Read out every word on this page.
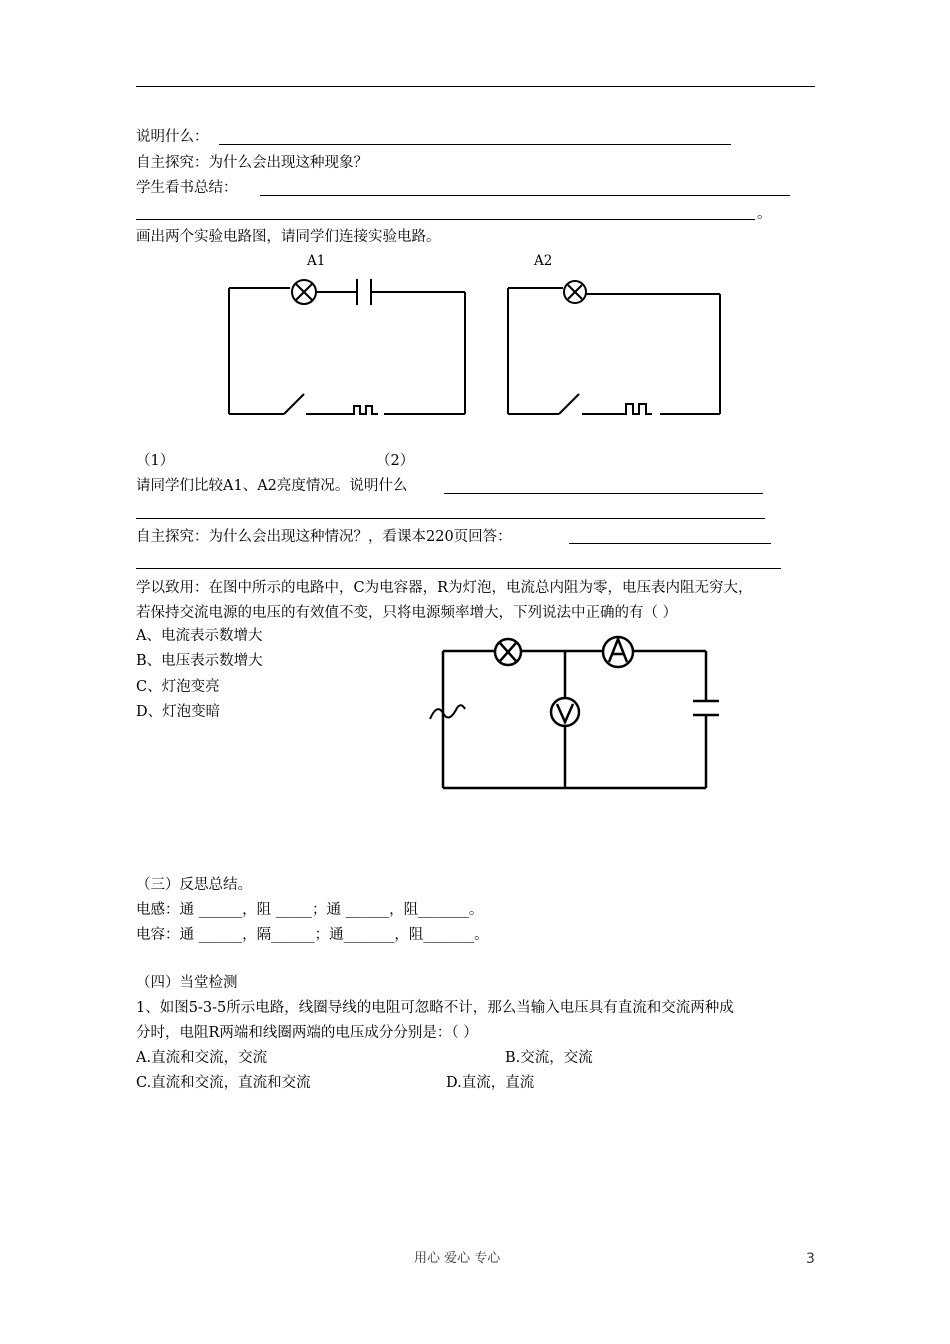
说明什么：
自主探究：为什么会出现这种现象？
学生看书总结：
。
画出两个实验电路图，请同学们连接实验电路。
A1	A2
（1）	（2）
请同学们比较A1、A2亮度情况。说明什么
自主探究：为什么会出现这种情况？，看课本220页回答：
学以致用：在图中所示的电路中，C为电容器，R为灯泡，电流总内阻为零，电压表内阻无穷大，
若保持交流电源的电压的有效值不变，只将电源频率增大，下列说法中正确的有（ ）
A、电流表示数增大
B、电压表示数增大
C、灯泡变亮
D、灯泡变暗
（三）反思总结。
电感：通 ______，阻 _____；通 ______，阻_______。
电容：通 ______，隔______；通_______，阻_______。
（四）当堂检测
1、如图5-3-5所示电路，线圈导线的电阻可忽略不计，那么当输入电压具有直流和交流两种成
分时，电阻R两端和线圈两端的电压成分分别是：（ ）
A.直流和交流，交流	B.交流，交流
C.直流和交流，直流和交流	D.直流，直流
用心 爱心 专心	3
